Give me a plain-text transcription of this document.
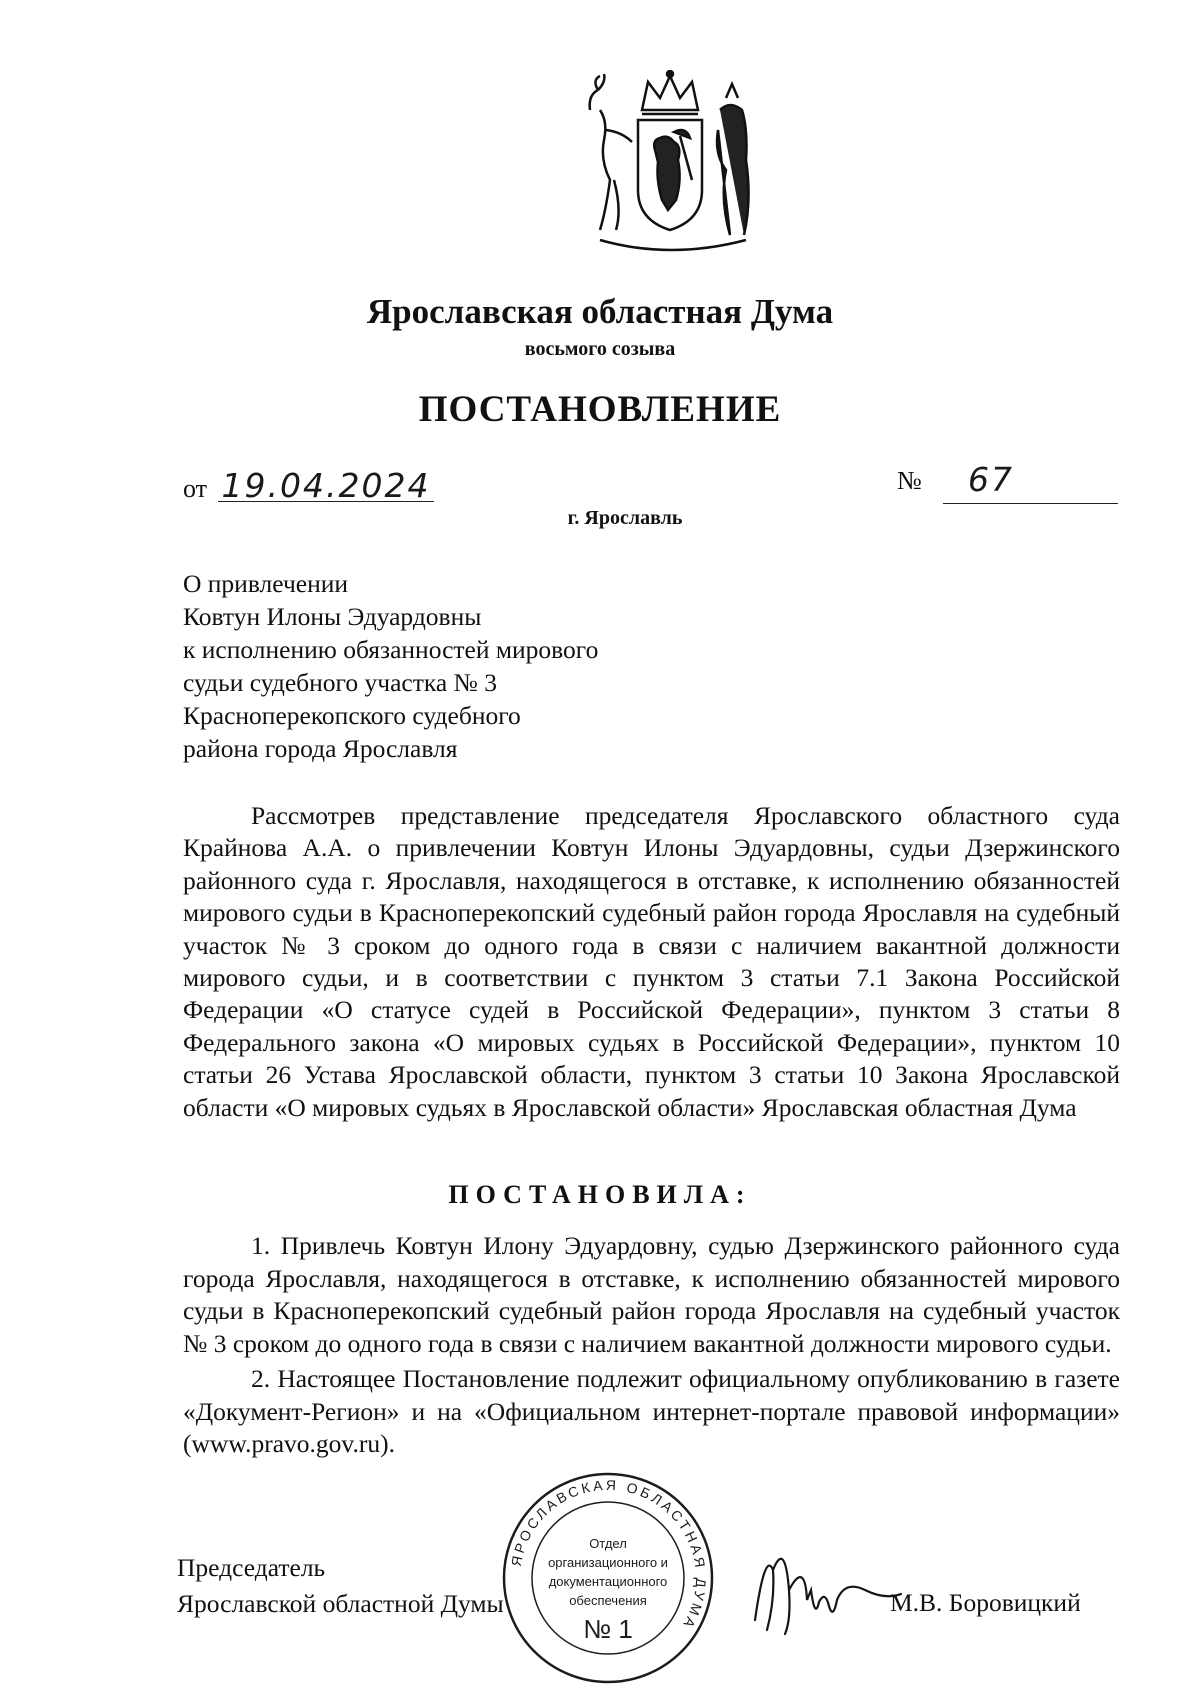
Ярославская областная Дума
восьмого созыва
ПОСТАНОВЛЕНИЕ
от 19.04.2024	№ 67
г. Ярославль
О привлечении
Ковтун Илоны Эдуардовны
к исполнению обязанностей мирового
судьи судебного участка № 3
Краснoперекопского судебного
района города Ярославля

Рассмотрев представление председателя Ярославского областного суда Крайнова А.А. о привлечении Ковтун Илоны Эдуардовны, судьи Дзержинского районного суда г. Ярославля, находящегося в отставке, к исполнению обязанностей мирового судьи в Красноперекопский судебный район города Ярославля на судебный участок № 3 сроком до одного года в связи с наличием вакантной должности мирового судьи, и в соответствии с пунктом 3 статьи 7.1 Закона Российской Федерации «О статусе судей в Российской Федерации», пунктом 3 статьи 8 Федерального закона «О мировых судьях в Российской Федерации», пунктом 10 статьи 26 Устава Ярославской области, пунктом 3 статьи 10 Закона Ярославской области «О мировых судьях в Ярославской области» Ярославская областная Дума

ПОСТАНОВИЛА:

1. Привлечь Ковтун Илону Эдуардовну, судью Дзержинского районного суда города Ярославля, находящегося в отставке, к исполнению обязанностей мирового судьи в Красноперекопский судебный район города Ярославля на судебный участок № 3 сроком до одного года в связи с наличием вакантной должности мирового судьи.

2. Настоящее Постановление подлежит официальному опубликованию в газете «Документ-Регион» и на «Официальном интернет-портале правовой информации» (www.pravo.gov.ru).

Председатель
Ярославской областной Думы
ЯРОСЛАВСКАЯ ОБЛАСТНАЯ ДУМА
Отдел
организационного и
документационного
обеспечения
№ 1
М.В. Боровицкий
